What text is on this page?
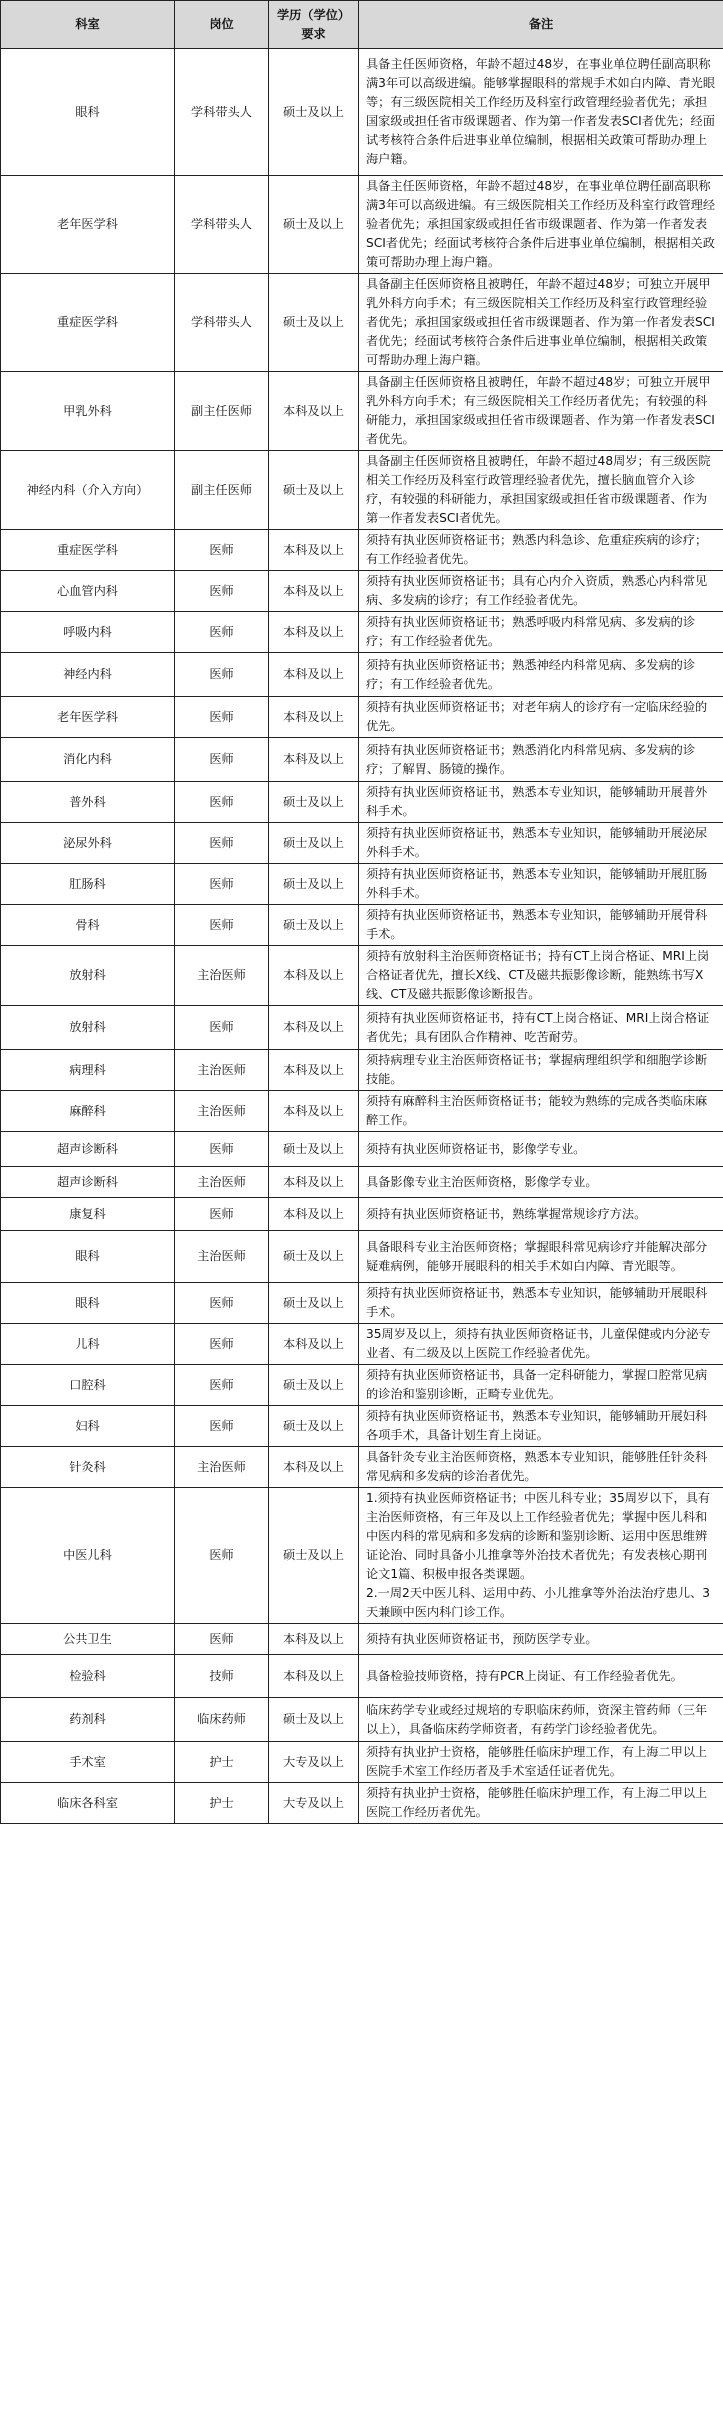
科室	岗位	学历（学位）要求	备注
眼科	学科带头人	硕士及以上	具备主任医师资格，年龄不超过48岁，在事业单位聘任副高职称满3年可以高级进编。能够掌握眼科的常规手术如白内障、青光眼等；有三级医院相关工作经历及科室行政管理经验者优先；承担国家级或担任省市级课题者、作为第一作者发表SCI者优先；经面试考核符合条件后进事业单位编制，根据相关政策可帮助办理上海户籍。
老年医学科	学科带头人	硕士及以上	具备主任医师资格，年龄不超过48岁，在事业单位聘任副高职称满3年可以高级进编。有三级医院相关工作经历及科室行政管理经验者优先；承担国家级或担任省市级课题者、作为第一作者发表SCI者优先；经面试考核符合条件后进事业单位编制，根据相关政策可帮助办理上海户籍。
重症医学科	学科带头人	硕士及以上	具备副主任医师资格且被聘任，年龄不超过48岁；可独立开展甲乳外科方向手术；有三级医院相关工作经历及科室行政管理经验者优先；承担国家级或担任省市级课题者、作为第一作者发表SCI者优先；经面试考核符合条件后进事业单位编制，根据相关政策可帮助办理上海户籍。
甲乳外科	副主任医师	本科及以上	具备副主任医师资格且被聘任，年龄不超过48岁；可独立开展甲乳外科方向手术；有三级医院相关工作经历者优先；有较强的科研能力，承担国家级或担任省市级课题者、作为第一作者发表SCI者优先。
神经内科（介入方向）	副主任医师	硕士及以上	具备副主任医师资格且被聘任，年龄不超过48周岁；有三级医院相关工作经历及科室行政管理经验者优先，擅长脑血管介入诊疗，有较强的科研能力，承担国家级或担任省市级课题者、作为第一作者发表SCI者优先。
重症医学科	医师	本科及以上	须持有执业医师资格证书；熟悉内科急诊、危重症疾病的诊疗；有工作经验者优先。
心血管内科	医师	本科及以上	须持有执业医师资格证书；具有心内介入资质，熟悉心内科常见病、多发病的诊疗；有工作经验者优先。
呼吸内科	医师	本科及以上	须持有执业医师资格证书；熟悉呼吸内科常见病、多发病的诊疗；有工作经验者优先。
神经内科	医师	本科及以上	须持有执业医师资格证书；熟悉神经内科常见病、多发病的诊疗；有工作经验者优先。
老年医学科	医师	本科及以上	须持有执业医师资格证书；对老年病人的诊疗有一定临床经验的优先。
消化内科	医师	本科及以上	须持有执业医师资格证书；熟悉消化内科常见病、多发病的诊疗；了解胃、肠镜的操作。
普外科	医师	硕士及以上	须持有执业医师资格证书，熟悉本专业知识，能够辅助开展普外科手术。
泌尿外科	医师	硕士及以上	须持有执业医师资格证书，熟悉本专业知识，能够辅助开展泌尿外科手术。
肛肠科	医师	硕士及以上	须持有执业医师资格证书，熟悉本专业知识，能够辅助开展肛肠外科手术。
骨科	医师	硕士及以上	须持有执业医师资格证书，熟悉本专业知识，能够辅助开展骨科手术。
放射科	主治医师	本科及以上	须持有放射科主治医师资格证书；持有CT上岗合格证、MRI上岗合格证者优先，擅长X线、CT及磁共振影像诊断，能熟练书写X线、CT及磁共振影像诊断报告。
放射科	医师	本科及以上	须持有执业医师资格证书，持有CT上岗合格证、MRI上岗合格证者优先；具有团队合作精神、吃苦耐劳。
病理科	主治医师	本科及以上	须持病理专业主治医师资格证书；掌握病理组织学和细胞学诊断技能。
麻醉科	主治医师	本科及以上	须持有麻醉科主治医师资格证书；能较为熟练的完成各类临床麻醉工作。
超声诊断科	医师	硕士及以上	须持有执业医师资格证书，影像学专业。
超声诊断科	主治医师	本科及以上	具备影像专业主治医师资格，影像学专业。
康复科	医师	本科及以上	须持有执业医师资格证书，熟练掌握常规诊疗方法。
眼科	主治医师	硕士及以上	具备眼科专业主治医师资格；掌握眼科常见病诊疗并能解决部分疑难病例，能够开展眼科的相关手术如白内障、青光眼等。
眼科	医师	硕士及以上	须持有执业医师资格证书，熟悉本专业知识，能够辅助开展眼科手术。
儿科	医师	本科及以上	35周岁及以上，须持有执业医师资格证书，儿童保健或内分泌专业者、有二级及以上医院工作经验者优先。
口腔科	医师	硕士及以上	须持有执业医师资格证书，具备一定科研能力，掌握口腔常见病的诊治和鉴别诊断，正畸专业优先。
妇科	医师	硕士及以上	须持有执业医师资格证书，熟悉本专业知识，能够辅助开展妇科各项手术，具备计划生育上岗证。
针灸科	主治医师	本科及以上	具备针灸专业主治医师资格，熟悉本专业知识，能够胜任针灸科常见病和多发病的诊治者优先。
中医儿科	医师	硕士及以上	1.须持有执业医师资格证书；中医儿科专业；35周岁以下，具有主治医师资格，有三年及以上工作经验者优先；掌握中医儿科和中医内科的常见病和多发病的诊断和鉴别诊断、运用中医思维辨证论治、同时具备小儿推拿等外治技术者优先；有发表核心期刊论文1篇、积极申报各类课题。
2.一周2天中医儿科、运用中药、小儿推拿等外治法治疗患儿、3天兼顾中医内科门诊工作。
公共卫生	医师	本科及以上	须持有执业医师资格证书，预防医学专业。
检验科	技师	本科及以上	具备检验技师资格，持有PCR上岗证、有工作经验者优先。
药剂科	临床药师	硕士及以上	临床药学专业或经过规培的专职临床药师，资深主管药师（三年以上），具备临床药学师资者，有药学门诊经验者优先。
手术室	护士	大专及以上	须持有执业护士资格，能够胜任临床护理工作，有上海二甲以上医院手术室工作经历者及手术室适任证者优先。
临床各科室	护士	大专及以上	须持有执业护士资格，能够胜任临床护理工作，有上海二甲以上医院工作经历者优先。
